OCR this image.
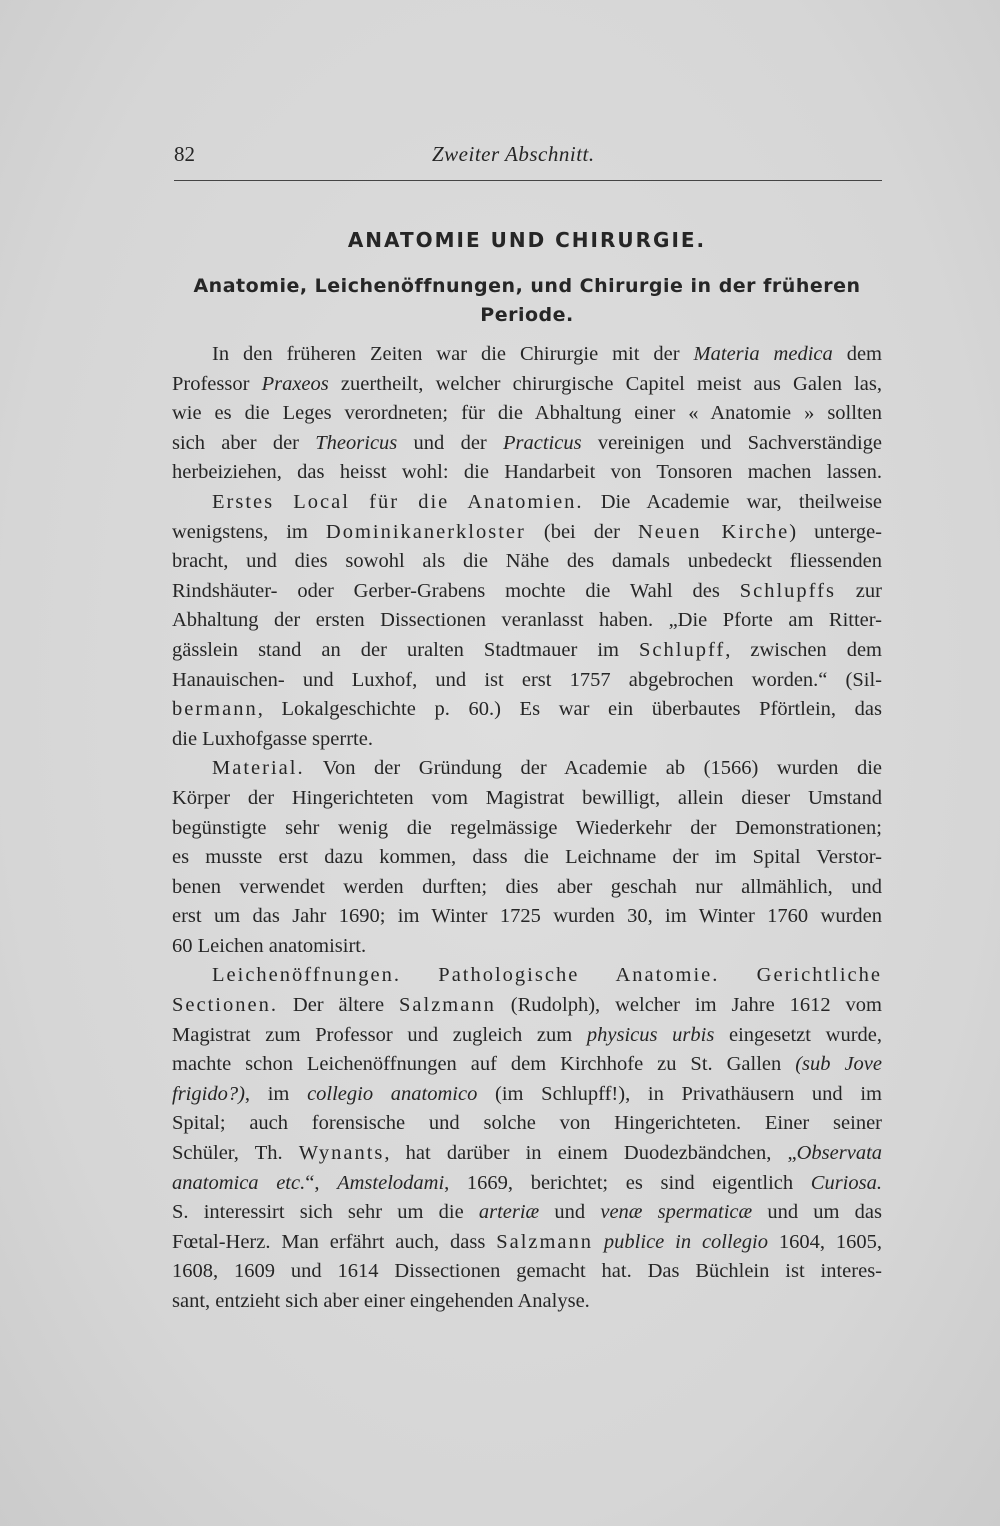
82	Zweiter Abschnitt.
ANATOMIE UND CHIRURGIE.
Anatomie, Leichenöffnungen, und Chirurgie in der früheren
Periode.
In den früheren Zeiten war die Chirurgie mit der Materia medica dem
Professor Praxeos zuertheilt, welcher chirurgische Capitel meist aus Galen las,
wie es die Leges verordneten; für die Abhaltung einer « Anatomie » sollten
sich aber der Theoricus und der Practicus vereinigen und Sachverständige
herbeiziehen, das heisst wohl: die Handarbeit von Tonsoren machen lassen.
Erstes Local für die Anatomien. Die Academie war, theilweise
wenigstens, im Dominikanerkloster (bei der Neuen Kirche) unterge-
bracht, und dies sowohl als die Nähe des damals unbedeckt fliessenden
Rindshäuter- oder Gerber-Grabens mochte die Wahl des Schlupffs zur
Abhaltung der ersten Dissectionen veranlasst haben. „Die Pforte am Ritter-
gässlein stand an der uralten Stadtmauer im Schlupff, zwischen dem
Hanauischen- und Luxhof, und ist erst 1757 abgebrochen worden.“ (Sil-
bermann, Lokalgeschichte p. 60.) Es war ein überbautes Pförtlein, das
die Luxhofgasse sperrte.
Material. Von der Gründung der Academie ab (1566) wurden die
Körper der Hingerichteten vom Magistrat bewilligt, allein dieser Umstand
begünstigte sehr wenig die regelmässige Wiederkehr der Demonstrationen;
es musste erst dazu kommen, dass die Leichname der im Spital Verstor-
benen verwendet werden durften; dies aber geschah nur allmählich, und
erst um das Jahr 1690; im Winter 1725 wurden 30, im Winter 1760 wurden
60 Leichen anatomisirt.
Leichenöffnungen. Pathologische Anatomie. Gerichtliche
Sectionen. Der ältere Salzmann (Rudolph), welcher im Jahre 1612 vom
Magistrat zum Professor und zugleich zum physicus urbis eingesetzt wurde,
machte schon Leichenöffnungen auf dem Kirchhofe zu St. Gallen (sub Jove
frigido?), im collegio anatomico (im Schlupff!), in Privathäusern und im
Spital; auch forensische und solche von Hingerichteten. Einer seiner
Schüler, Th. Wynants, hat darüber in einem Duodezbändchen, „Observata
anatomica etc.“, Amstelodami, 1669, berichtet; es sind eigentlich Curiosa.
S. interessirt sich sehr um die arteriæ und venæ spermaticæ und um das
Fœtal-Herz. Man erfährt auch, dass Salzmann publice in collegio 1604, 1605,
1608, 1609 und 1614 Dissectionen gemacht hat. Das Büchlein ist interes-
sant, entzieht sich aber einer eingehenden Analyse.
